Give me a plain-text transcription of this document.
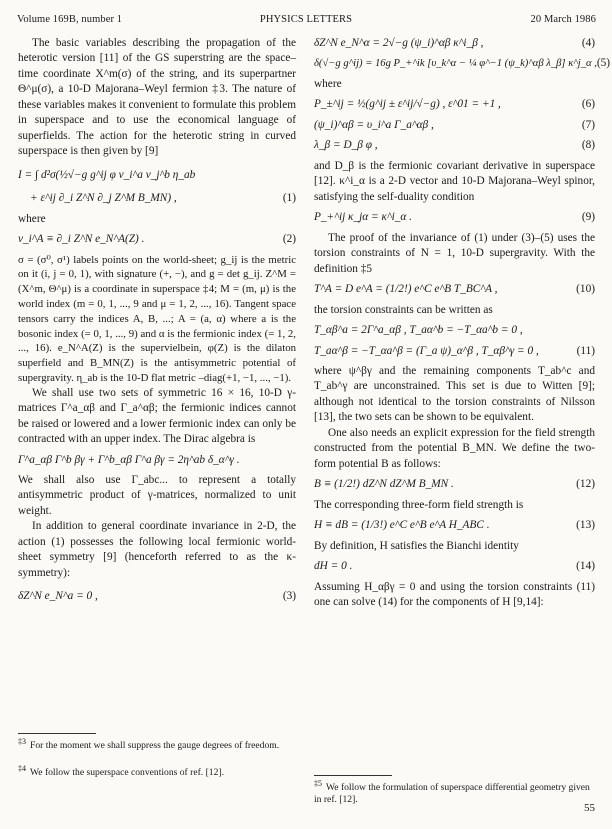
Volume 169B, number 1	PHYSICS LETTERS	20 March 1986

The basic variables describing the propagation of the heterotic version [11] of the GS superstring are the space–time coordinate X^m(σ) of the string, and its superpartner Θ^μ(σ), a 10-D Majorana–Weyl fermion ‡3. The nature of these variables makes it convenient to formulate this problem in superspace and to use the economical language of superfields. The action for the heterotic string in curved superspace is then given by [9]

I = ∫ d²σ(½√−g g^ij φ v_i^a v_j^b η_ab
+ ε^ij ∂_i Z^N ∂_j Z^M B_MN) ,	(1)

where

v_i^A ≡ ∂_i Z^N e_N^A(Z) .	(2)

σ = (σ⁰, σ¹) labels points on the world-sheet; g_ij is the metric on it (i, j = 0, 1), with signature (+, −), and g = det g_ij. Z^M = (X^m, Θ^μ) is a coordinate in superspace ‡4; M = (m, μ) is the world index (m = 0, 1, ..., 9 and μ = 1, 2, ..., 16). Tangent space tensors carry the indices A, B, ...; A = (a, α) where a is the bosonic index (= 0, 1, ..., 9) and α is the fermionic index (= 1, 2, ..., 16). e_N^A(Z) is the supervielbein, φ(Z) is the dilaton superfield and B_MN(Z) is the antisymmetric potential of supergravity. η_ab is the 10-D flat metric –diag(+1, −1, ..., −1).

We shall use two sets of symmetric 16 × 16, 10-D γ-matrices Γ^a_αβ and Γ_a^αβ; the fermionic indices cannot be raised or lowered and a lower fermionic index can only be contracted with an upper index. The Dirac algebra is

Γ^a_αβ Γ^b βγ + Γ^b_αβ Γ^a βγ = 2η^ab δ_α^γ .

We shall also use Γ_abc... to represent a totally antisymmetric product of γ-matrices, normalized to unit weight.

In addition to general coordinate invariance in 2-D, the action (1) possesses the following local fermionic world-sheet symmetry [9] (henceforth referred to as the κ-symmetry):

δZ^N e_N^a = 0 ,	(3)
δZ^N e_N^α = 2√−g (ψ_i)^αβ κ^i_β ,	(4)
δ(√−g g^ij) = 16g P_+^ik [υ_k^α − ¼ φ^−1 (ψ_k)^αβ λ_β] κ^j_α , (5)

where

P_±^ij = ½(g^ij ± ε^ij/√−g) , ε^01 = +1 ,	(6)
(ψ_i)^αβ = υ_i^a Γ_a^αβ ,	(7)
λ_β = D_β φ ,	(8)

and D_β is the fermionic covariant derivative in superspace [12]. κ^i_α is a 2-D vector and 10-D Majorana–Weyl spinor, satisfying the self-duality condition

P_+^ij κ_jα = κ^i_α .	(9)

The proof of the invariance of (1) under (3)–(5) uses the torsion constraints of N = 1, 10-D supergravity. With the definition ‡5

T^A = D e^A = (1/2!) e^C e^B T_BC^A ,	(10)

the torsion constraints can be written as

T_αβ^a = 2Γ^a_αβ , T_aα^b = −T_αa^b = 0 ,
T_aα^β = −T_αa^β = (Γ_a ψ)_α^β , T_αβ^γ = 0 ,	(11)

where ψ^βγ and the remaining components T_ab^c and T_ab^γ are unconstrained. This set is due to Witten [9]; although not identical to the torsion constraints of Nilsson [13], the two sets can be shown to be equivalent.

One also needs an explicit expression for the field strength constructed from the potential B_MN. We define the two-form potential B as follows:

B ≡ (1/2!) dZ^N dZ^M B_MN .	(12)

The corresponding three-form field strength is

H ≡ dB = (1/3!) e^C e^B e^A H_ABC .	(13)

By definition, H satisfies the Bianchi identity

dH = 0 .	(14)

Assuming H_αβγ = 0 and using the torsion constraints (11) one can solve (14) for the components of H [9,14]:

‡3 For the moment we shall suppress the gauge degrees of freedom.
‡4 We follow the superspace conventions of ref. [12].
‡5 We follow the formulation of superspace differential geometry given in ref. [12].
55
